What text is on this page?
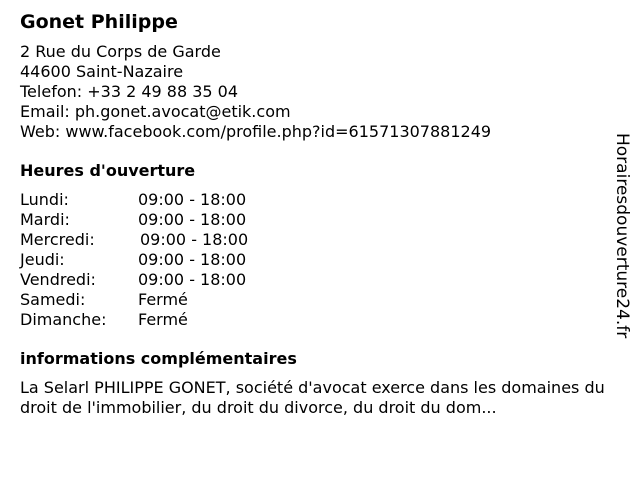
Gonet Philippe
2 Rue du Corps de Garde
44600 Saint-Nazaire
Telefon: +33 2 49 88 35 04
Email: ph.gonet.avocat@etik.com
Web: www.facebook.com/profile.php?id=61571307881249
Heures d'ouverture
Lundi:	09:00 - 18:00
Mardi:	09:00 - 18:00
Mercredi:	09:00 - 18:00
Jeudi:	09:00 - 18:00
Vendredi:	09:00 - 18:00
Samedi:	Fermé
Dimanche:	Fermé
informations complémentaires
La Selarl PHILIPPE GONET, société d'avocat exerce dans les domaines du droit de l'immobilier, du droit du divorce, du droit du dom...
Horairesdouverture24.fr
